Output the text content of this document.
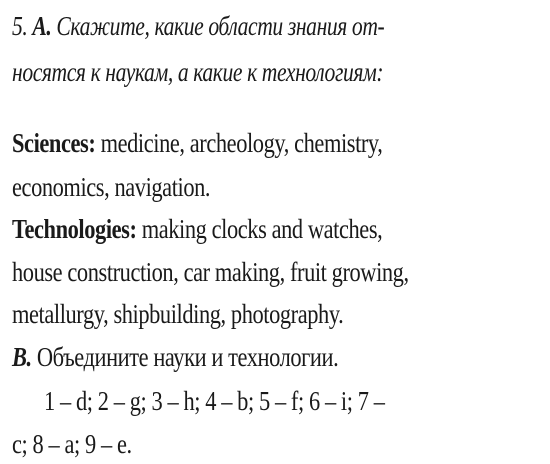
5. A. Скажите, какие области знания от-
носятся к наукам, а какие к технологиям:
Sciences: medicine, archeology, chemistry,
economics, navigation.
Technologies: making clocks and watches,
house construction, car making, fruit growing,
metallurgy, shipbuilding, photography.
B. Объедините науки и технологии.
1 – d; 2 – g; 3 – h; 4 – b; 5 – f; 6 – i; 7 –
c; 8 – a; 9 – e.
